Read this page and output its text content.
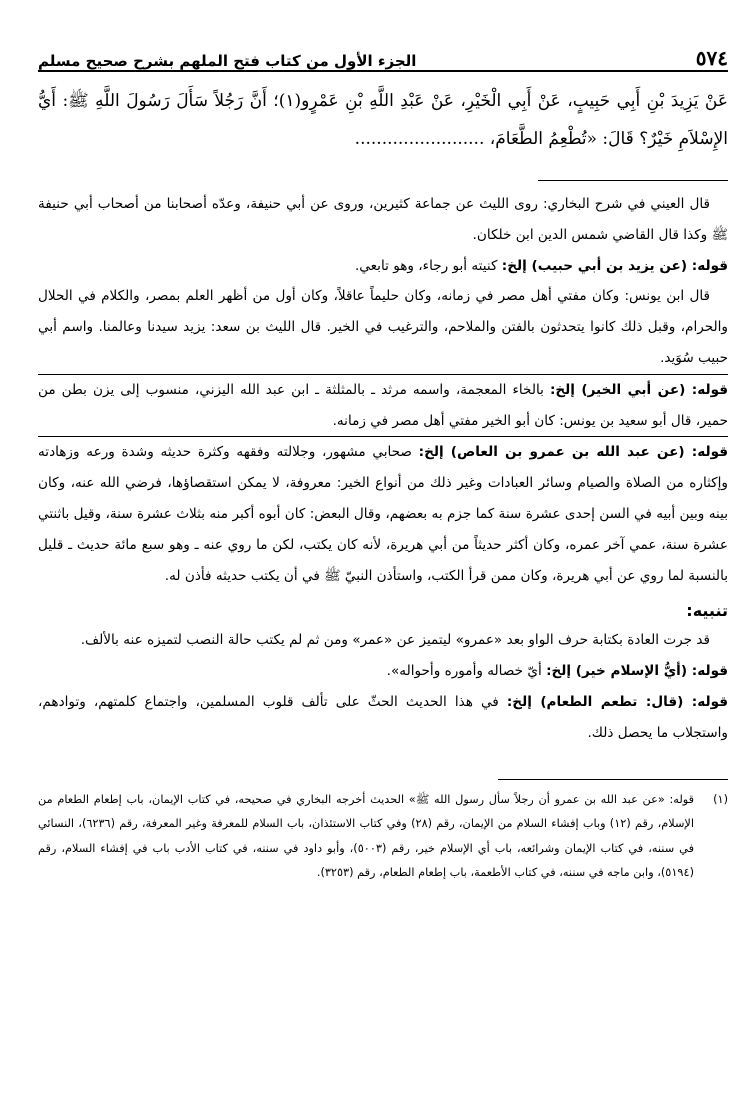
٥٧٤
الجزء الأول من كتاب فتح الملهم بشرح صحيح مسلم
عَنْ يَزِيدَ بْنِ أَبِي حَبِيبٍ، عَنْ أَبِي الْخَيْرِ، عَنْ عَبْدِ اللَّهِ بْنِ عَمْرٍو(١)؛ أَنَّ رَجُلاً سَأَلَ رَسُولَ اللَّهِ ﷺ: أَيُّ الإِسْلاَمِ خَيْرٌ؟ قَالَ: «تُطْعِمُ الطَّعَامَ، ........................

قال العيني في شرح البخاري: روى الليث عن جماعة كثيرين، وروى عن أبي حنيفة، وعدّه أصحابنا من أصحاب أبي حنيفة ﷺ وكذا قال القاضي شمس الدين ابن خلكان.

قوله: (عن يزيد بن أبي حبيب) إلخ: كنيته أبو رجاء، وهو تابعي.

قال ابن يونس: وكان مفتي أهل مصر في زمانه، وكان حليماً عاقلاً، وكان أول من أظهر العلم بمصر، والكلام في الحلال والحرام، وقبل ذلك كانوا يتحدثون بالفتن والملاحم، والترغيب في الخير. قال الليث بن سعد: يزيد سيدنا وعالمنا. واسم أبي حبيب سُوَيد.

قوله: (عن أبي الخير) إلخ: بالخاء المعجمة، واسمه مرثد ـ بالمثلثة ـ ابن عبد الله اليزني، منسوب إلى يزن بطن من حمير، قال أبو سعيد بن يونس: كان أبو الخير مفتي أهل مصر في زمانه.

قوله: (عن عبد الله بن عمرو بن العاص) إلخ: صحابي مشهور، وجلالته وفقهه وكثرة حديثه وشدة ورعه وزهادته وإكثاره من الصلاة والصيام وسائر العبادات وغير ذلك من أنواع الخير: معروفة، لا يمكن استقصاؤها، فرضي الله عنه، وكان بينه وبين أبيه في السن إحدى عشرة سنة كما جزم به بعضهم، وقال البعض: كان أبوه أكبر منه بثلاث عشرة سنة، وقيل باثنتي عشرة سنة، عمي آخر عمره، وكان أكثر حديثاً من أبي هريرة، لأنه كان يكتب، لكن ما روي عنه ـ وهو سبع مائة حديث ـ قليل بالنسبة لما روي عن أبي هريرة، وكان ممن قرأ الكتب، واستأذن النبيّ ﷺ في أن يكتب حديثه فأذن له.

تنبيه:

قد جرت العادة بكتابة حرف الواو بعد «عمرو» ليتميز عن «عمر» ومن ثم لم يكتب حالة النصب لتميزه عنه بالألف.

قوله: (أيُّ الإسلام خير) إلخ: أيّ خصاله وأموره وأحواله».

قوله: (قال: تطعم الطعام) إلخ: في هذا الحديث الحثّ على تألف قلوب المسلمين، واجتماع كلمتهم، وتوادهم، واستجلاب ما يحصل ذلك.

(١)
قوله: «عن عبد الله بن عمرو أن رجلاً سأل رسول الله ﷺ» الحديث أخرجه البخاري في صحيحه، في كتاب الإيمان، باب إطعام الطعام من الإسلام، رقم (١٢) وباب إفشاء السلام من الإيمان، رقم (٢٨) وفي كتاب الاستئذان، باب السلام للمعرفة وغير المعرفة، رقم (٦٢٣٦)، النسائي في سننه، في كتاب الإيمان وشرائعه، باب أي الإسلام خير، رقم (٥٠٠٣)، وأبو داود في سننه، في كتاب الأدب باب في إفشاء السلام، رقم (٥١٩٤)، وابن ماجه في سننه، في كتاب الأطعمة، باب إطعام الطعام، رقم (٣٢٥٣).
